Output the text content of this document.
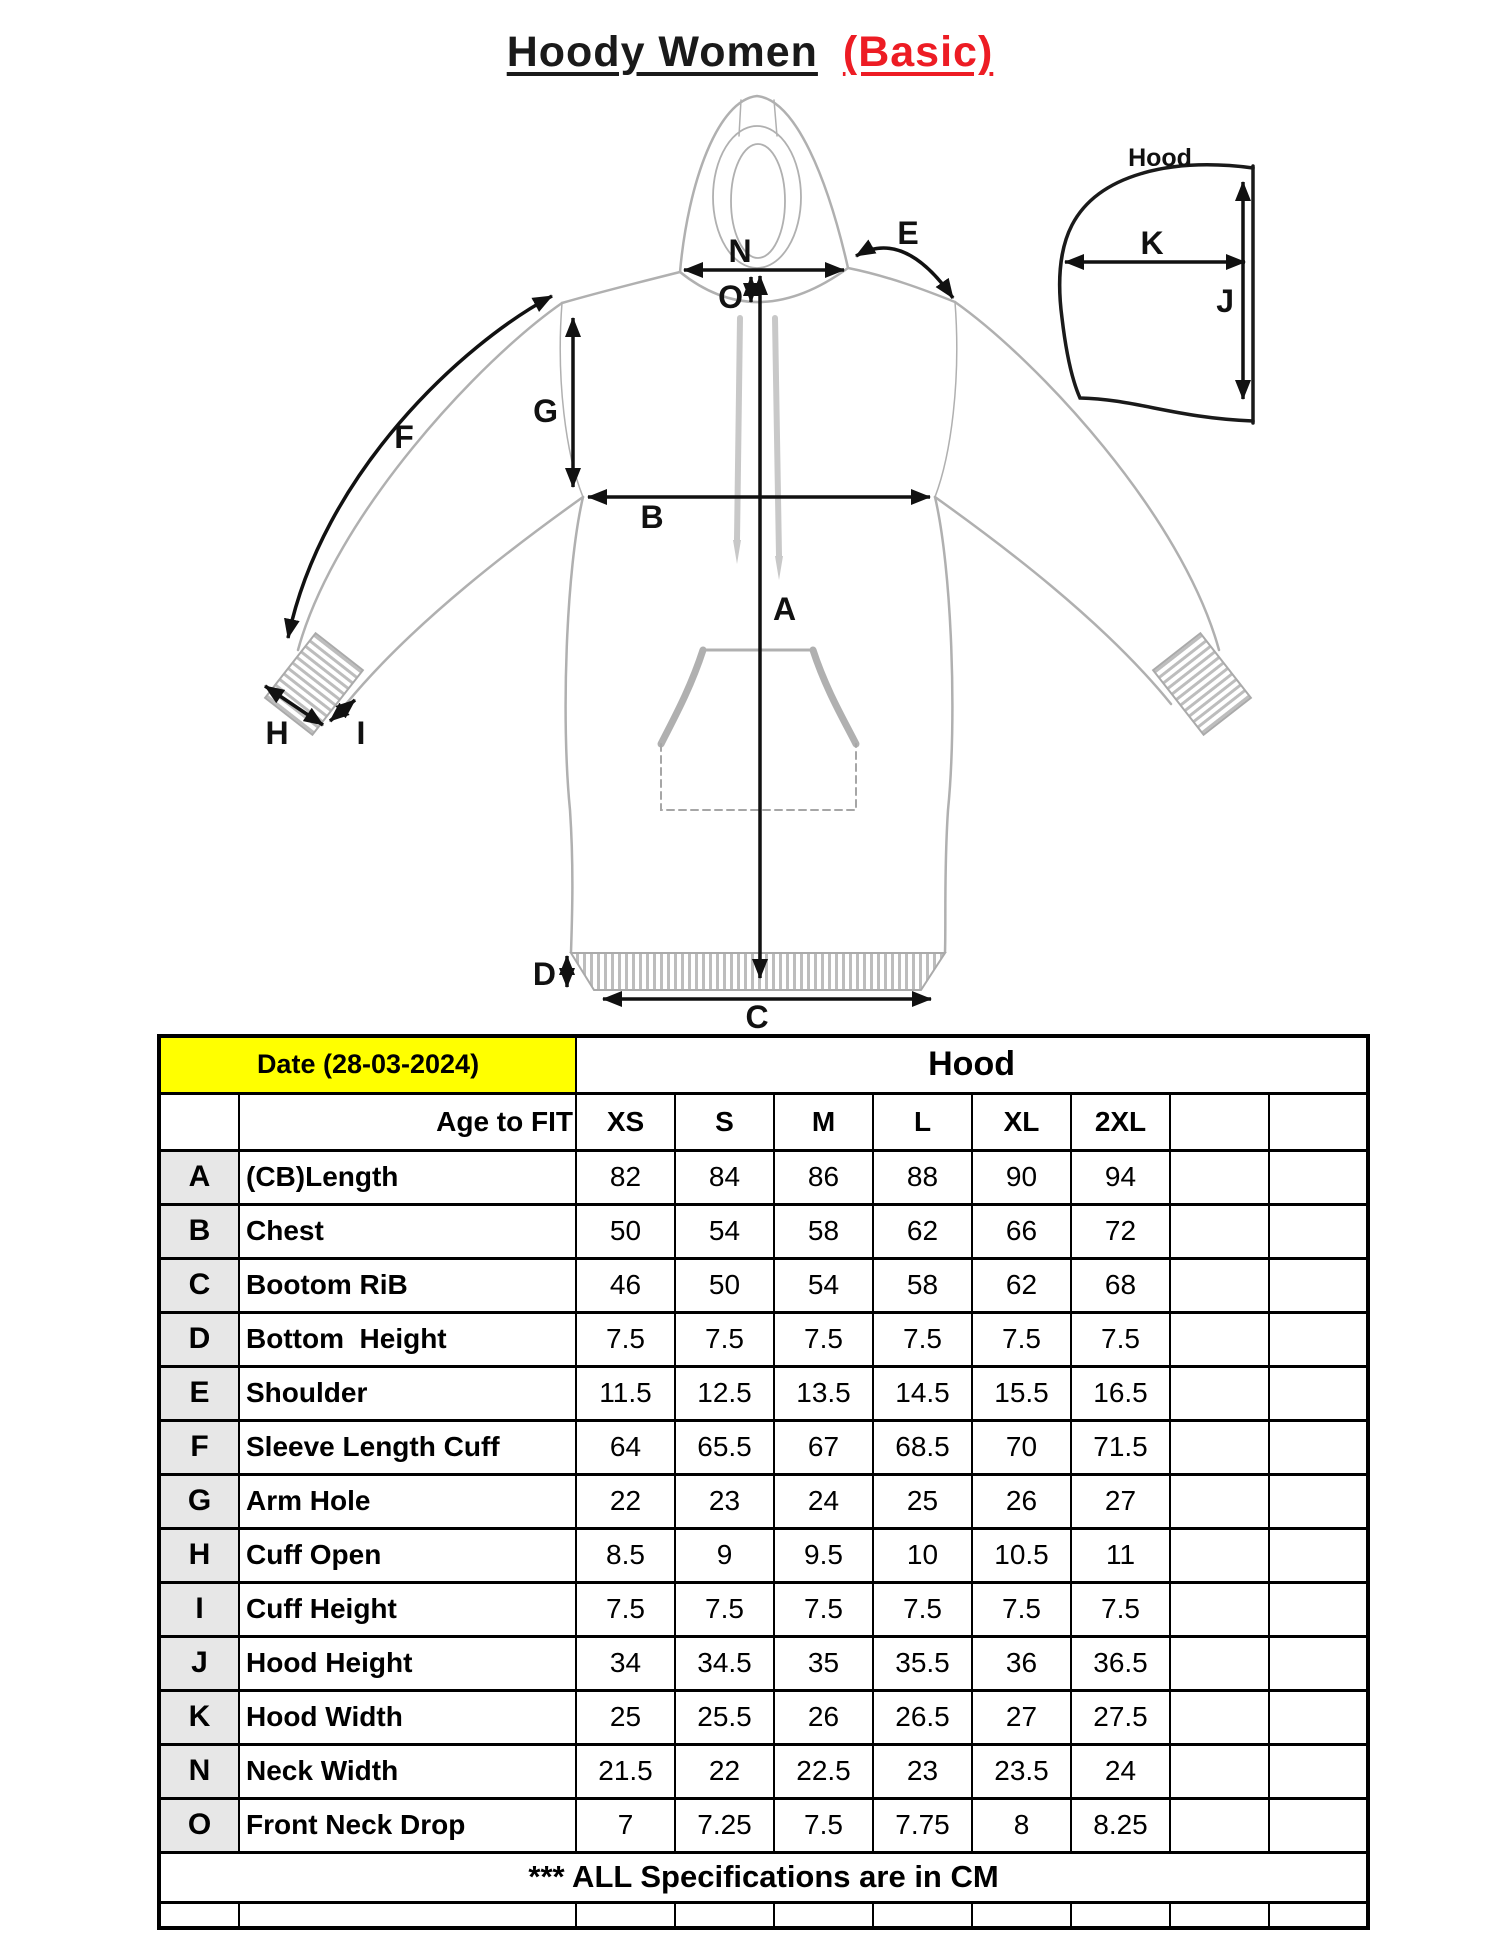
Hoody Women (Basic)
Hood
A
B
C
D
E
F
G
H I
J
K
N
O
Date (28-03-2024)		Hood							
	Age to FIT	XS	S	M	L	XL	2XL		
A	(CB)Length	82	84	86	88	90	94		
B	Chest	50	54	58	62	66	72		
C	Bootom RiB	46	50	54	58	62	68		
D	Bottom  Height	7.5	7.5	7.5	7.5	7.5	7.5		
E	Shoulder	11.5	12.5	13.5	14.5	15.5	16.5		
F	Sleeve Length Cuff	64	65.5	67	68.5	70	71.5		
G	Arm Hole	22	23	24	25	26	27		
H	Cuff Open	8.5	9	9.5	10	10.5	11		
I	Cuff Height	7.5	7.5	7.5	7.5	7.5	7.5		
J	Hood Height	34	34.5	35	35.5	36	36.5		
K	Hood Width	25	25.5	26	26.5	27	27.5		
N	Neck Width	21.5	22	22.5	23	23.5	24		
O	Front Neck Drop	7	7.25	7.5	7.75	8	8.25		
*** ALL Specifications are in CM									
